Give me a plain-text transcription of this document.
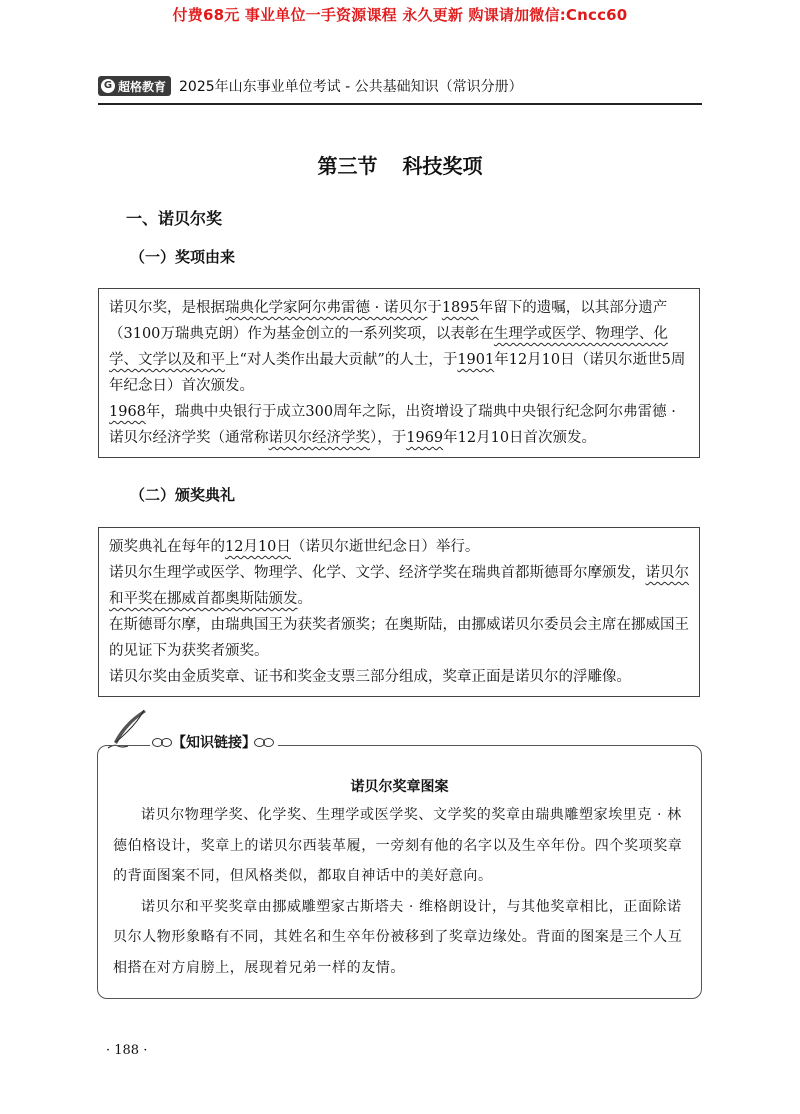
付费68元 事业单位一手资源课程 永久更新 购课请加微信:Cncc60
G 超格教育 2025年山东事业单位考试 - 公共基础知识（常识分册）
第三节 科技奖项
一、诺贝尔奖
（一）奖项由来

诺贝尔奖，是根据瑞典化学家阿尔弗雷德 · 诺贝尔于1895年留下的遗嘱，以其部分遗产（3100万瑞典克朗）作为基金创立的一系列奖项，以表彰在生理学或医学、物理学、化学、文学以及和平上“对人类作出最大贡献”的人士，于1901年12月10日（诺贝尔逝世5周年纪念日）首次颁发。

1968年，瑞典中央银行于成立300周年之际，出资增设了瑞典中央银行纪念阿尔弗雷德 · 诺贝尔经济学奖（通常称诺贝尔经济学奖），于1969年12月10日首次颁发。

（二）颁奖典礼

颁奖典礼在每年的12月10日（诺贝尔逝世纪念日）举行。

诺贝尔生理学或医学、物理学、化学、文学、经济学奖在瑞典首都斯德哥尔摩颁发，诺贝尔和平奖在挪威首都奥斯陆颁发。

在斯德哥尔摩，由瑞典国王为获奖者颁奖；在奥斯陆，由挪威诺贝尔委员会主席在挪威国王的见证下为获奖者颁奖。

诺贝尔奖由金质奖章、证书和奖金支票三部分组成，奖章正面是诺贝尔的浮雕像。

【知识链接】
诺贝尔奖章图案

诺贝尔物理学奖、化学奖、生理学或医学奖、文学奖的奖章由瑞典雕塑家埃里克 · 林德伯格设计，奖章上的诺贝尔西装革履，一旁刻有他的名字以及生卒年份。四个奖项奖章的背面图案不同，但风格类似，都取自神话中的美好意向。

诺贝尔和平奖奖章由挪威雕塑家古斯塔夫 · 维格朗设计，与其他奖章相比，正面除诺贝尔人物形象略有不同，其姓名和生卒年份被移到了奖章边缘处。背面的图案是三个人互相搭在对方肩膀上，展现着兄弟一样的友情。

· 188 ·
